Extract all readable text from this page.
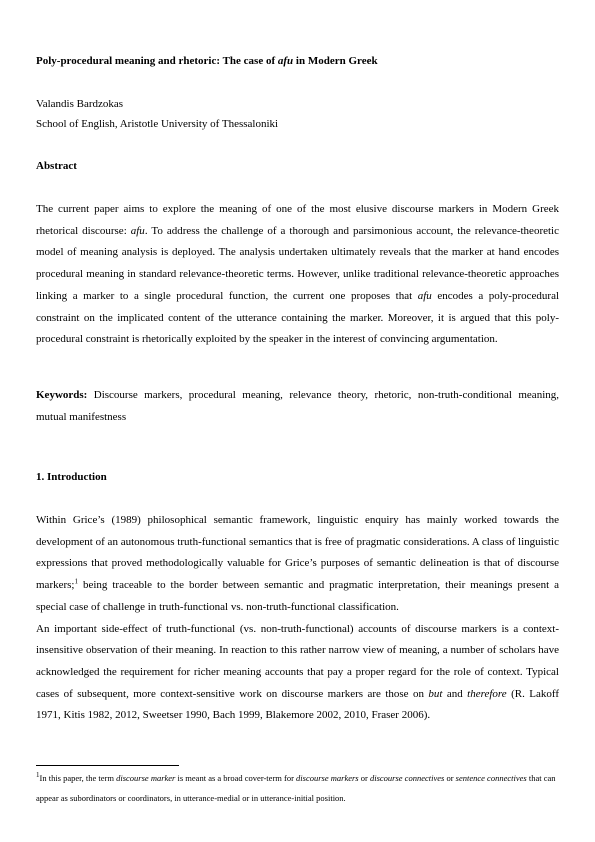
Poly-procedural meaning and rhetoric: The case of afu in Modern Greek
Valandis Bardzokas
School of English, Aristotle University of Thessaloniki
Abstract
The current paper aims to explore the meaning of one of the most elusive discourse markers in Modern Greek rhetorical discourse: afu. To address the challenge of a thorough and parsimonious account, the relevance-theoretic model of meaning analysis is deployed. The analysis undertaken ultimately reveals that the marker at hand encodes procedural meaning in standard relevance-theoretic terms. However, unlike traditional relevance-theoretic approaches linking a marker to a single procedural function, the current one proposes that afu encodes a poly-procedural constraint on the implicated content of the utterance containing the marker. Moreover, it is argued that this poly-procedural constraint is rhetorically exploited by the speaker in the interest of convincing argumentation.
Keywords: Discourse markers, procedural meaning, relevance theory, rhetoric, non-truth-conditional meaning, mutual manifestness
1. Introduction
Within Grice’s (1989) philosophical semantic framework, linguistic enquiry has mainly worked towards the development of an autonomous truth-functional semantics that is free of pragmatic considerations. A class of linguistic expressions that proved methodologically valuable for Grice’s purposes of semantic delineation is that of discourse markers;$^1$ being traceable to the border between semantic and pragmatic interpretation, their meanings present a special case of challenge in truth-functional vs. non-truth-functional classification.
An important side-effect of truth-functional (vs. non-truth-functional) accounts of discourse markers is a context-insensitive observation of their meaning. In reaction to this rather narrow view of meaning, a number of scholars have acknowledged the requirement for richer meaning accounts that pay a proper regard for the role of context. Typical cases of subsequent, more context-sensitive work on discourse markers are those on but and therefore (R. Lakoff 1971, Kitis 1982, 2012, Sweetser 1990, Bach 1999, Blakemore 2002, 2010, Fraser 2006).
$^1$In this paper, the term discourse marker is meant as a broad cover-term for discourse markers or discourse connectives or sentence connectives that can appear as subordinators or coordinators, in utterance-medial or in utterance-initial position.
